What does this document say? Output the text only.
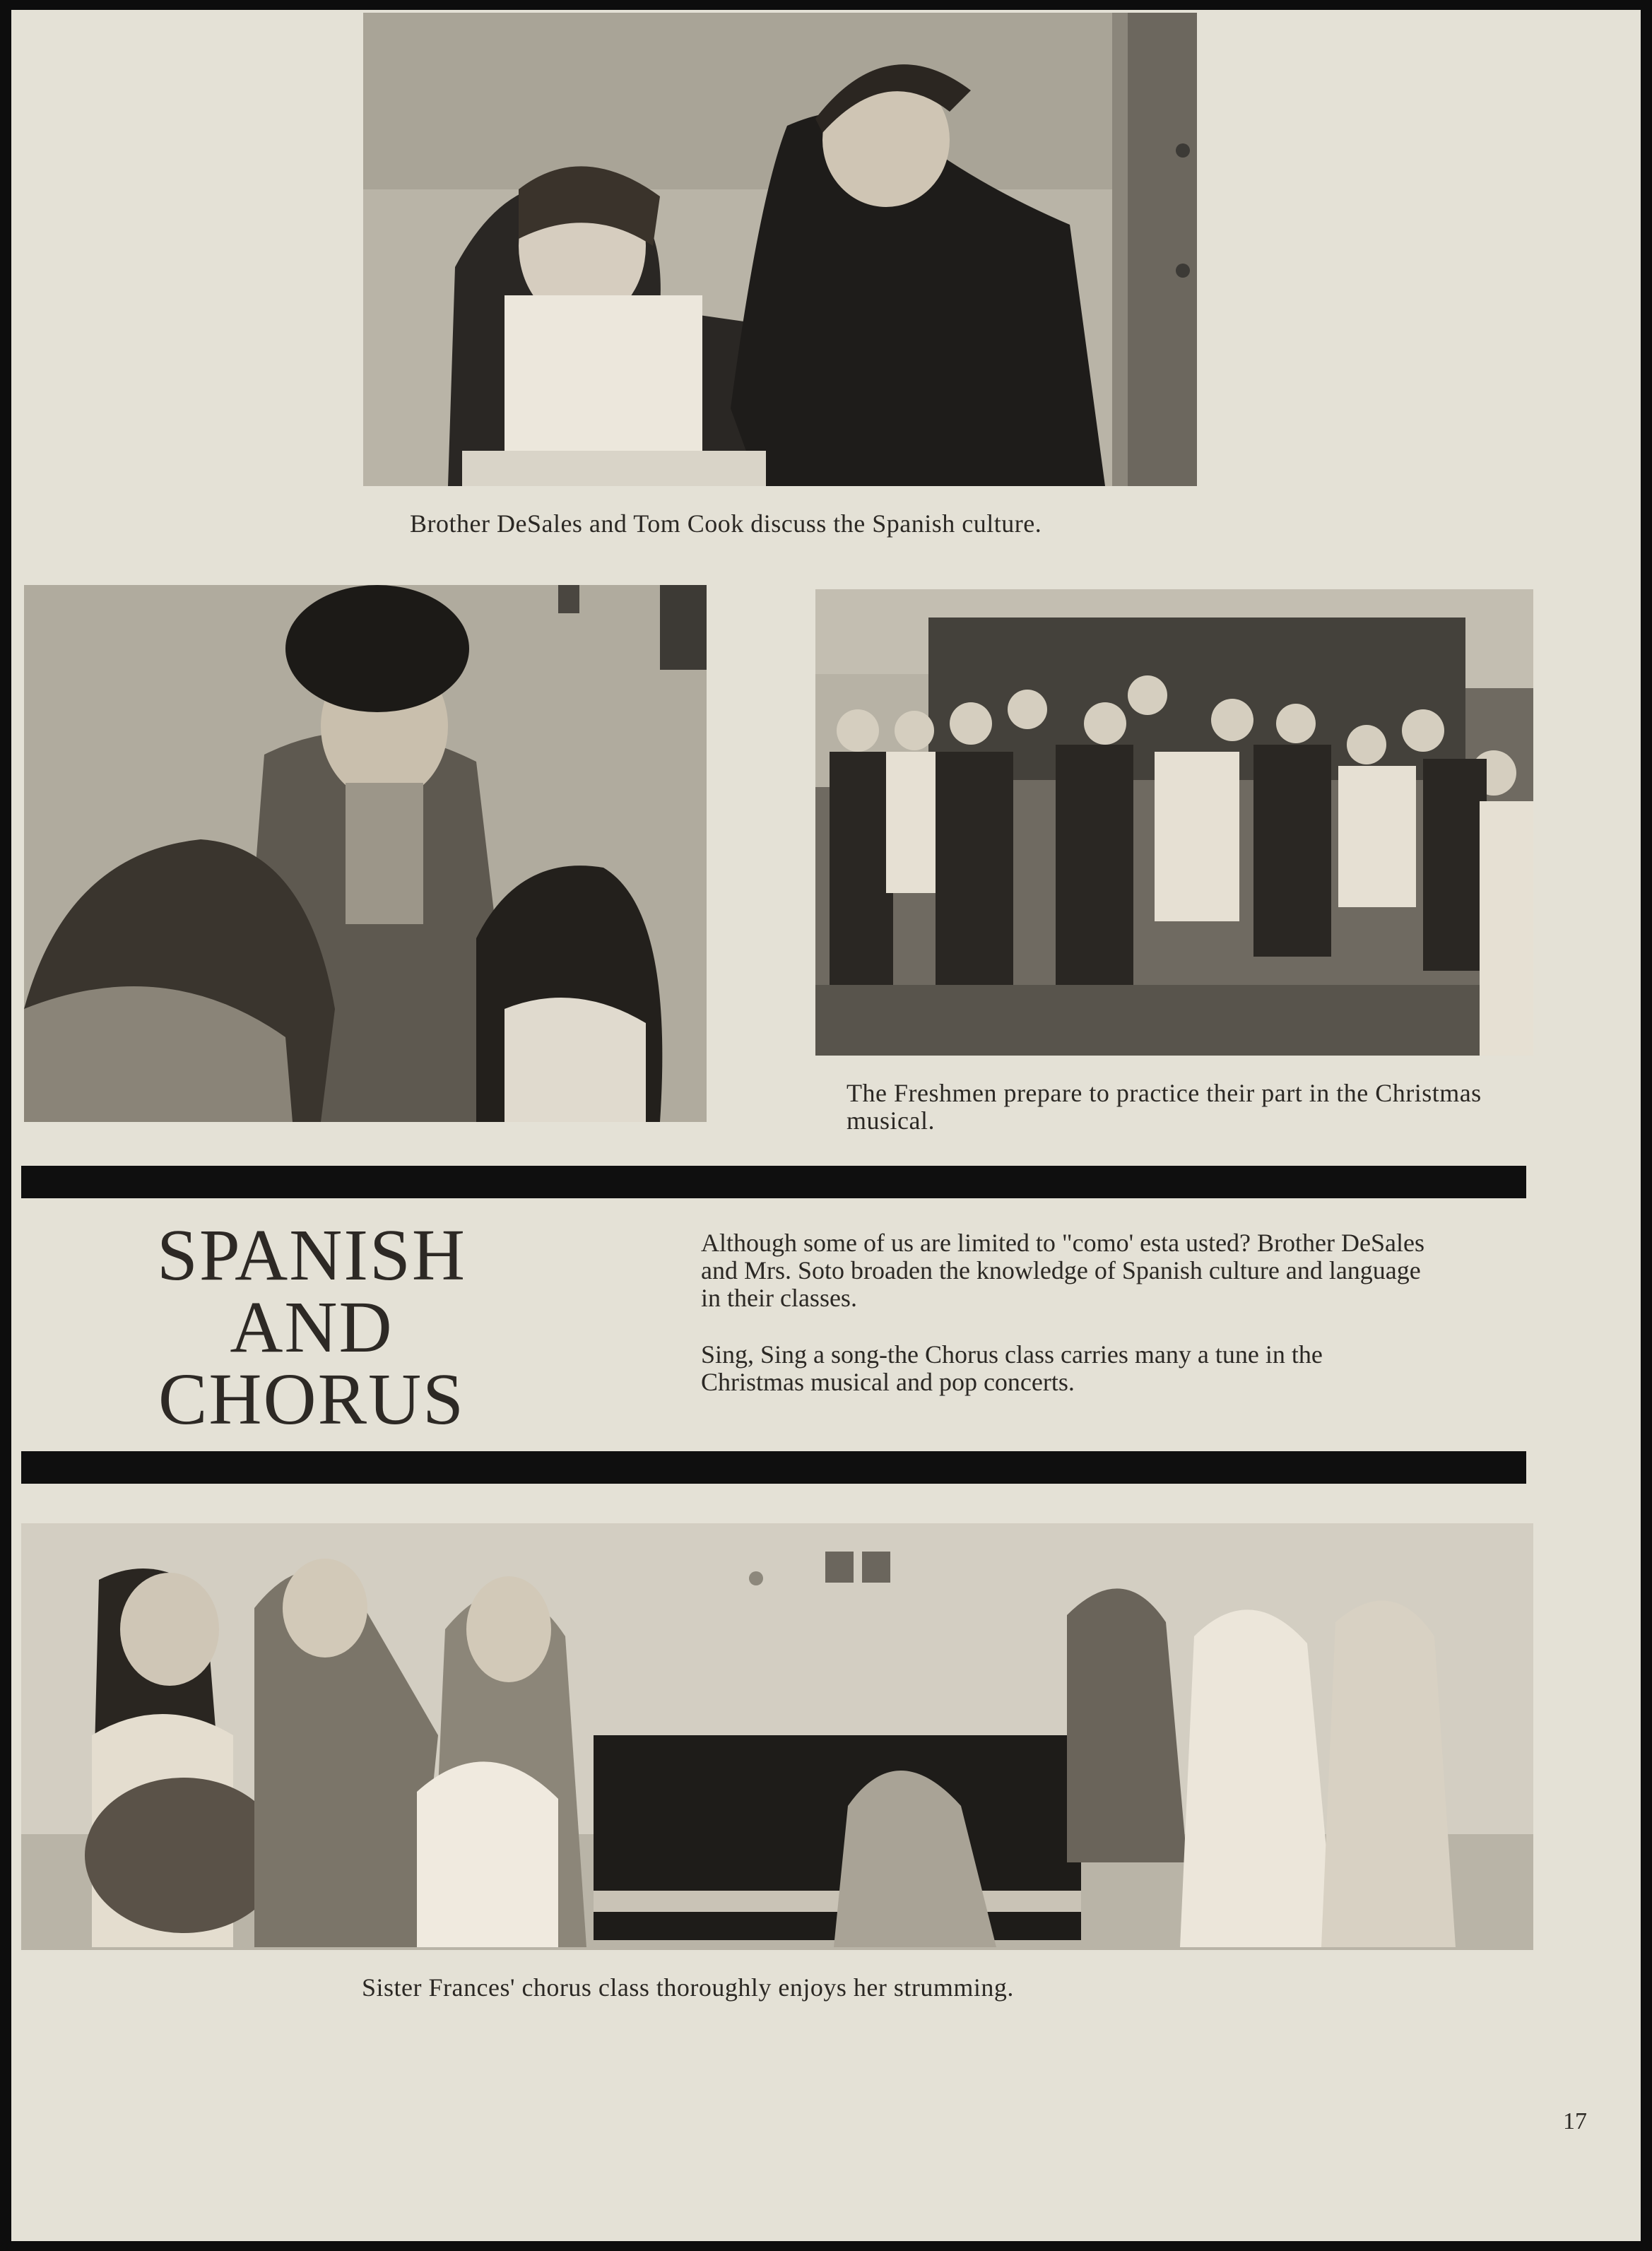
Brother DeSales and Tom Cook discuss the Spanish culture.
The Freshmen prepare to practice their part in the Christmas musical.
SPANISH
AND
CHORUS
Although some of us are limited to "como' esta usted? Brother DeSales and Mrs. Soto broaden the knowledge of Spanish culture and language in their classes.
Sing, Sing a song-the Chorus class carries many a tune in the Christmas musical and pop concerts.
Sister Frances' chorus class thoroughly enjoys her strumming.
17
